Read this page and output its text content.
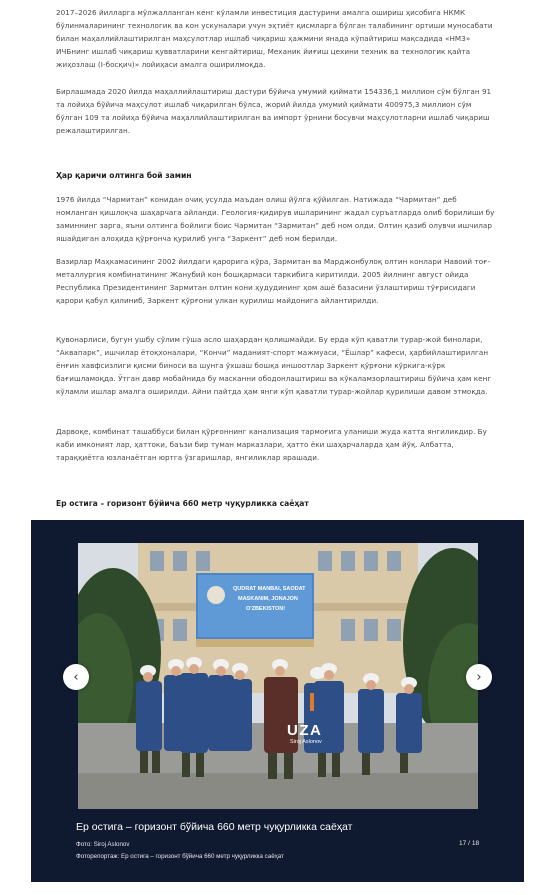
2017–2026 йилларга мўлжалланган кенг кўламли инвестиция дастурини амалга ошириш ҳисобига НКМК бўлинмаларининг технологик ва кон ускуналари учун эҳтиёт қисмларга бўлган талабининг ортиши муносабати билан маҳаллийлаштирилган маҳсулотлар ишлаб чиқариш ҳажмини янада кўпайтириш мақсадида «НМЗ» ИЧБнинг ишлаб чиқариш қувватларини кенгайтириш, Механик йиғиш цехини техник ва технологик қайта жиҳозлаш (I-босқич)» лойиҳаси амалга оширилмоқда.

Бирлашмада 2020 йилда маҳаллийлаштириш дастури бўйича умумий қиймати 154336,1 миллион сўм бўлган 91 та лойиҳа бўйича маҳсулот ишлаб чиқарилган бўлса, жорий йилда умумий қиймати 400975,3 миллион сўм бўлган 109 та лойиҳа бўйича маҳаллийлаштирилган ва импорт ўрнини босувчи маҳсулотларни ишлаб чиқариш режалаштирилган.

Ҳар қаричи олтинга бой замин

1976 йилда “Чармитан” конидан очиқ усулда маъдан олиш йўлга қўйилган. Натижада “Чармитан” деб номланган қишлоқча шаҳарчага айланди. Геология-қидирув ишларининг жадал суръатларда олиб борилиши бу заминнинг зарга, яъни олтинга бойлиги боис Чармитан “Зармитан” деб ном олди. Олтин қазиб олувчи ишчилар яшайдиган алоҳида қўрғонча қурилиб унга “Заркент” деб ном берилди.

Вазирлар Маҳкамасининг 2002 йилдаги қарорига кўра, Зармитан ва Марджонбулоқ олтин конлари Навоий тоғ-металлургия комбинатининг Жанубий кон бошқармаси таркибига киритилди. 2005 йилнинг август ойида Республика Президентининг Зармитан олтин кони ҳудудининг ҳом ашё базасини ўзлаштириш тўғрисидаги қарори қабул қилиниб, Заркент қўрғони улкан қурилиш майдонига айлантирилди.

Қувонарлиси, бугун ушбу сўлим гўша асло шаҳардан қолишмайди. Бу ерда кўп қаватли турар-жой бинолари, “Аквапарк”, ишчилар ётоқхоналари, “Кончи” маданият-спорт мажмуаси, “Ёшлар” кафеси, ҳарбийлаштирилган ёнғин хавфсизлиги қисми биноси ва шунга ўхшаш бошқа иншоотлар Заркент қўрғони кўркига-кўрк бағишламоқда. Ўтган давр мобайнида бу масканни ободонлаштириш ва кўкаламзорлаштириш бўйича ҳам кенг кўламли ишлар амалга оширилди. Айни пайтда ҳам янги кўп қаватли турар-жойлар қурилиши давом этмоқда.

Дарвоқе, комбинат ташаббуси билан қўрғоннинг канализация тармоғига уланиши жуда катта янгиликдир. Бу каби имконият лар, ҳаттоки, баъзи бир туман марказлари, ҳатто ёки шаҳарчаларда ҳам йўқ. Албатта, тараққиётга юзланаётган юртга ўзгаришлар, янгиликлар ярашади.

Ер остига – горизонт бўйича 660 метр чуқурликка саёҳат

QUDRAT MANBAI, SAODAT
MASKANIM, JONAJON
O'ZBEKISTON!
UZA
Siroj Aslonov
‹	›

Ер остига – горизонт бўйича 660 метр чуқурликка саёҳат

Фото: Siroj Aslonov

Фоторепортаж: Ер остига – горизонт бўйича 660 метр чуқурликка саёҳат

17 / 18
